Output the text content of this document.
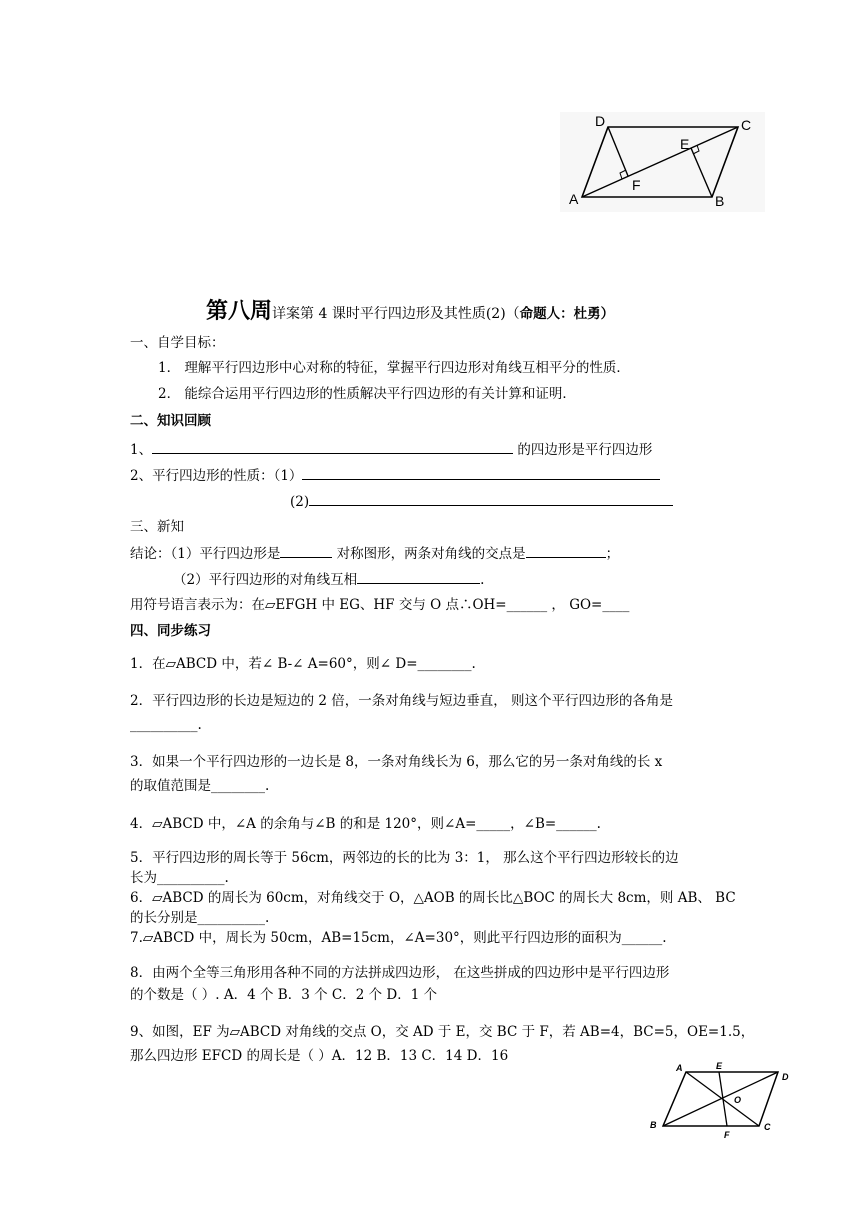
D	C
E
A
F
B
第八周详案第 4 课时平行四边形及其性质(2)（命题人：杜勇）
一、自学目标：
1． 理解平行四边形中心对称的特征，掌握平行四边形对角线互相平分的性质．
2． 能综合运用平行四边形的性质解决平行四边形的有关计算和证明．
二、知识回顾
1、	的四边形是平行四边形
2、平行四边形的性质：（1）
(2)
三、新知
结论：（1）平行四边形是	对称图形，两条对角线的交点是	；
（2）平行四边形的对角线互相	.
用符号语言表示为：在▱EFGH 中 EG、HF 交与 O 点∴OH=______ ， GO=____
四、同步练习
1．在▱ABCD 中，若∠ B-∠ A=60°，则∠ D=________.
2．平行四边形的长边是短边的 2 倍，一条对角线与短边垂直， 则这个平行四边形的各角是
__________.
3．如果一个平行四边形的一边长是 8，一条对角线长为 6，那么它的另一条对角线的长 x
的取值范围是________.
4．▱ABCD 中，∠A 的余角与∠B 的和是 120°，则∠A=_____，∠B=______.
5．平行四边形的周长等于 56cm，两邻边的长的比为 3：1， 那么这个平行四边形较长的边
长为__________.
6．▱ABCD 的周长为 60cm，对角线交于 O，△AOB 的周长比△BOC 的周长大 8cm，则 AB、 BC
的长分别是__________.
7.▱ABCD 中，周长为 50cm，AB=15cm，∠A=30°，则此平行四边形的面积为______.
8．由两个全等三角形用各种不同的方法拼成四边形， 在这些拼成的四边形中是平行四边形
的个数是（ ）. A．4 个 B．3 个 C．2 个 D．1 个
9、如图，EF 为▱ABCD 对角线的交点 O，交 AD 于 E，交 BC 于 F，若 AB=4，BC=5，OE=1.5，
那么四边形 EFCD 的周长是（ ）A．12 B．13 C．14 D．16
A	E
D
O
B
F
C
